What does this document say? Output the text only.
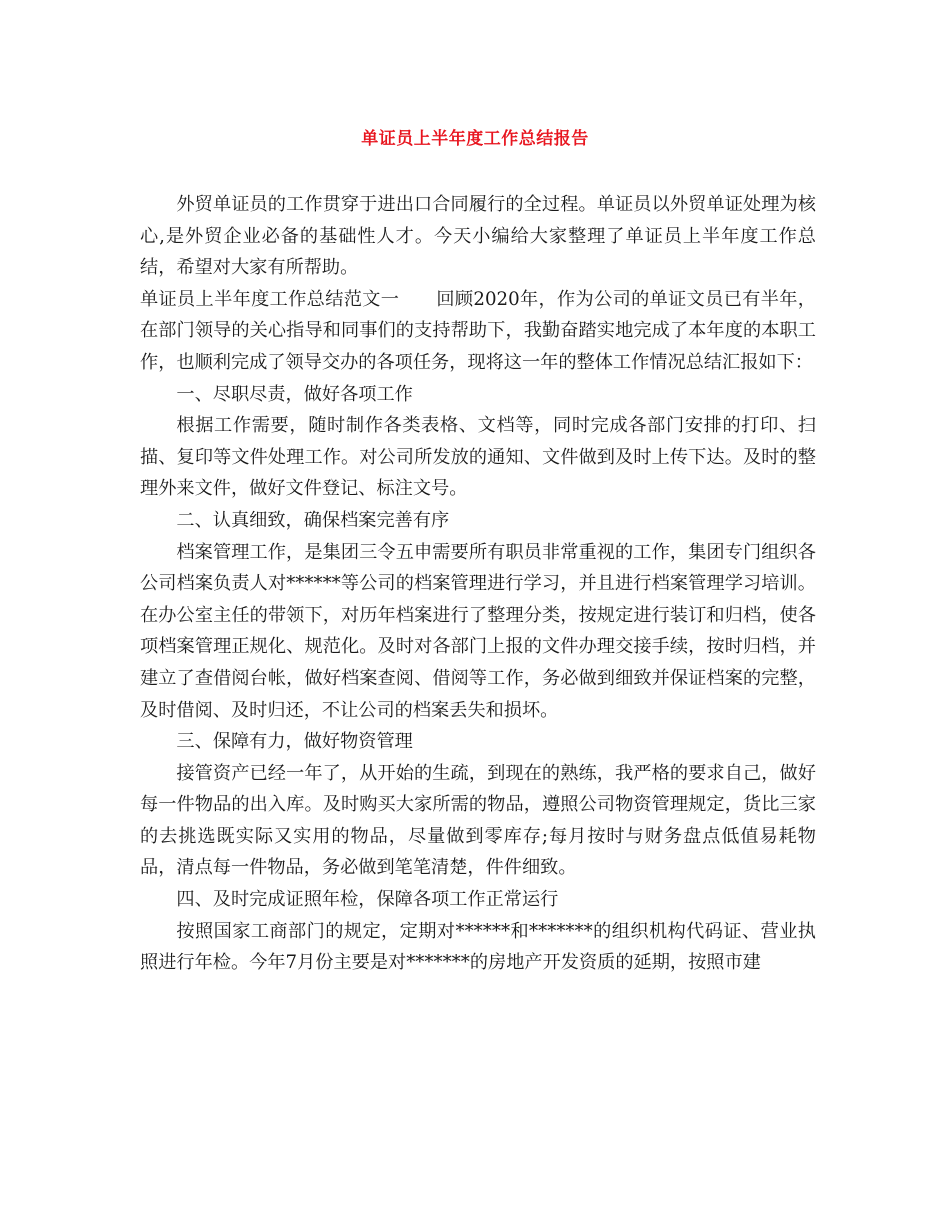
单证员上半年度工作总结报告

外贸单证员的工作贯穿于进出口合同履行的全过程。单证员以外贸单证处理为核心,是外贸企业必备的基础性人才。今天小编给大家整理了单证员上半年度工作总结，希望对大家有所帮助。

单证员上半年度工作总结范文一　　回顾2020年，作为公司的单证文员已有半年，在部门领导的关心指导和同事们的支持帮助下，我勤奋踏实地完成了本年度的本职工作，也顺利完成了领导交办的各项任务，现将这一年的整体工作情况总结汇报如下：

一、尽职尽责，做好各项工作

根据工作需要，随时制作各类表格、文档等，同时完成各部门安排的打印、扫描、复印等文件处理工作。对公司所发放的通知、文件做到及时上传下达。及时的整理外来文件，做好文件登记、标注文号。

二、认真细致，确保档案完善有序

档案管理工作，是集团三令五申需要所有职员非常重视的工作，集团专门组织各公司档案负责人对******等公司的档案管理进行学习，并且进行档案管理学习培训。在办公室主任的带领下，对历年档案进行了整理分类，按规定进行装订和归档，使各项档案管理正规化、规范化。及时对各部门上报的文件办理交接手续，按时归档，并建立了查借阅台帐，做好档案查阅、借阅等工作，务必做到细致并保证档案的完整，及时借阅、及时归还，不让公司的档案丢失和损坏。

三、保障有力，做好物资管理

接管资产已经一年了，从开始的生疏，到现在的熟练，我严格的要求自己，做好每一件物品的出入库。及时购买大家所需的物品，遵照公司物资管理规定，货比三家的去挑选既实际又实用的物品，尽量做到零库存;每月按时与财务盘点低值易耗物品，清点每一件物品，务必做到笔笔清楚，件件细致。

四、及时完成证照年检，保障各项工作正常运行

按照国家工商部门的规定，定期对******和*******的组织机构代码证、营业执照进行年检。今年7月份主要是对*******的房地产开发资质的延期，按照市建
